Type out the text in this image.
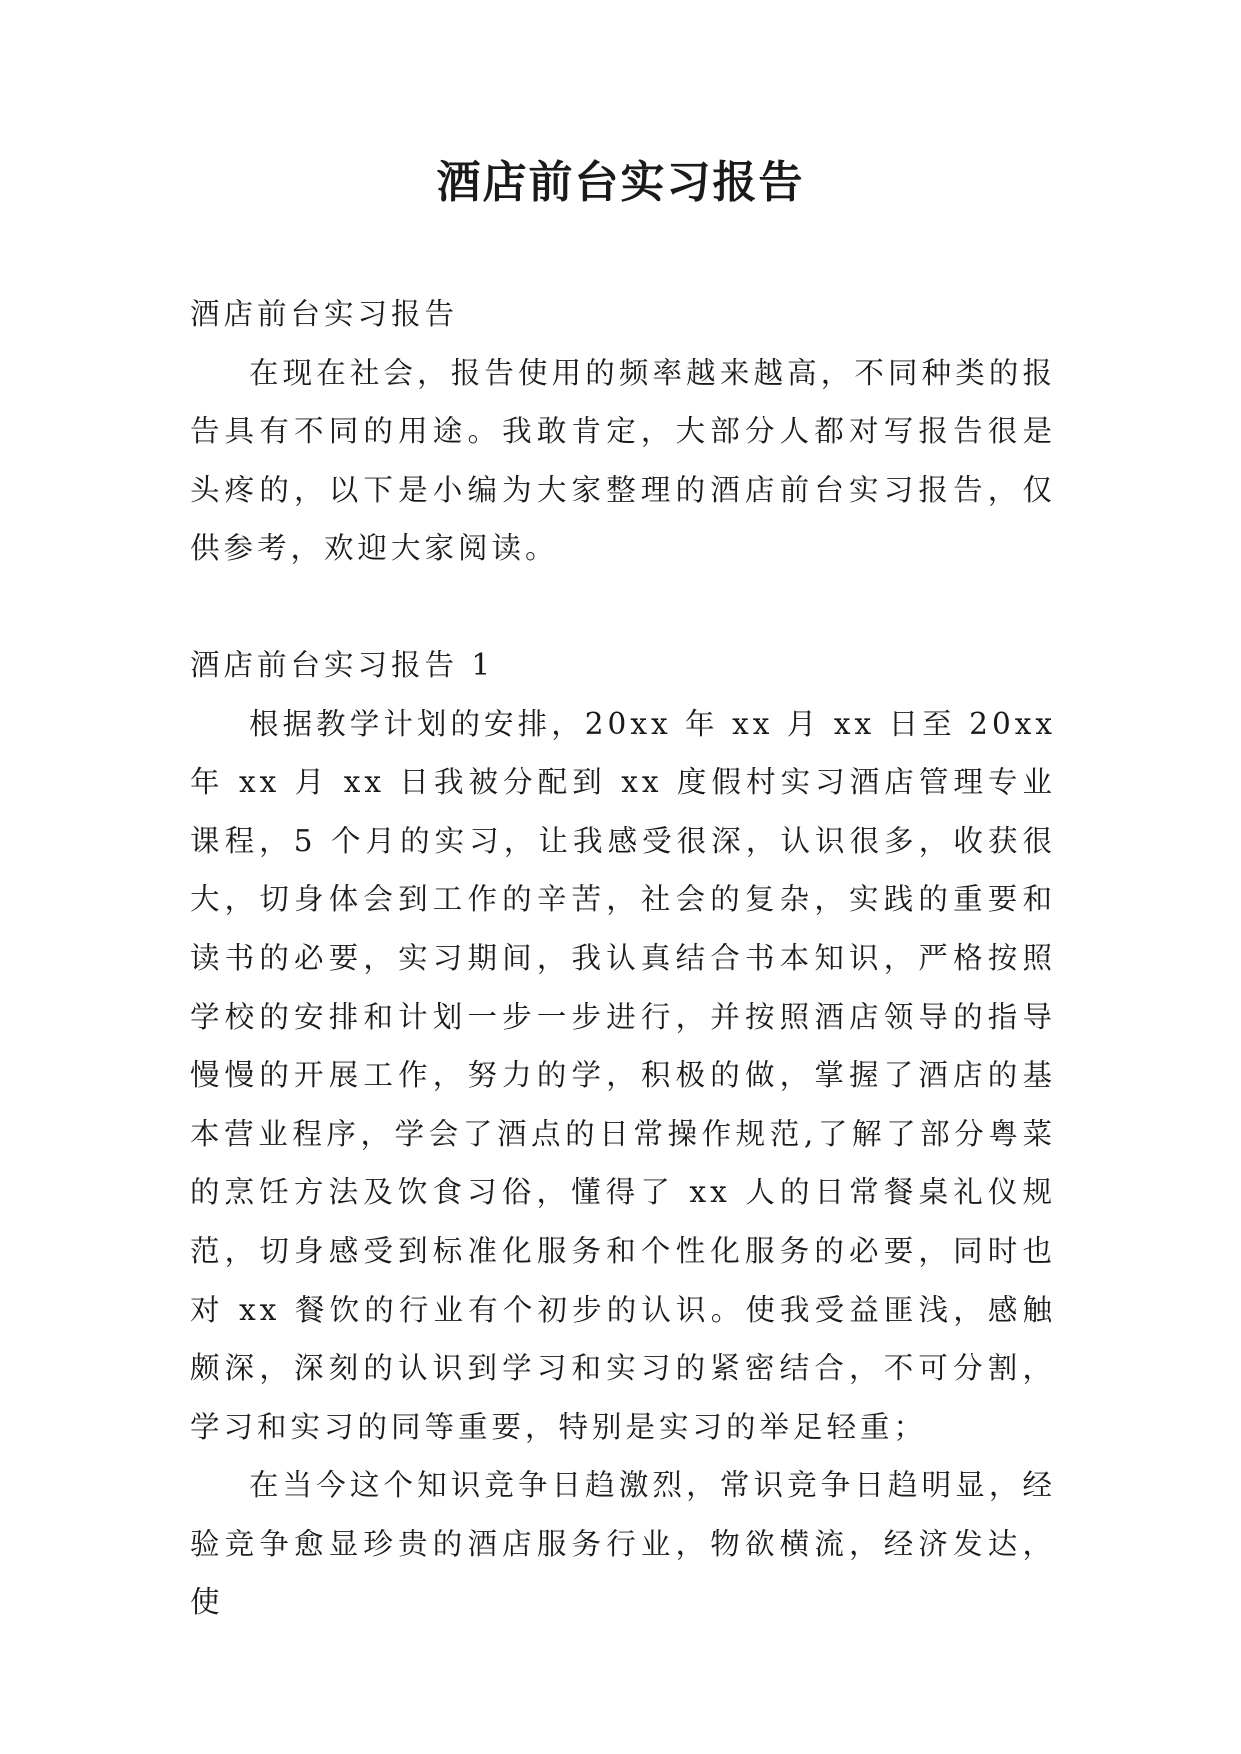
酒店前台实习报告

酒店前台实习报告

在现在社会，报告使用的频率越来越高，不同种类的报告具有不同的用途。我敢肯定，大部分人都对写报告很是头疼的，以下是小编为大家整理的酒店前台实习报告，仅供参考，欢迎大家阅读。

酒店前台实习报告 1

根据教学计划的安排，20xx 年 xx 月 xx 日至 20xx 年 xx 月 xx 日我被分配到 xx 度假村实习酒店管理专业课程，5 个月的实习，让我感受很深，认识很多，收获很大，切身体会到工作的辛苦，社会的复杂，实践的重要和读书的必要，实习期间，我认真结合书本知识，严格按照学校的安排和计划一步一步进行，并按照酒店领导的指导慢慢的开展工作，努力的学，积极的做，掌握了酒店的基本营业程序，学会了酒点的日常操作规范,了解了部分粤菜的烹饪方法及饮食习俗，懂得了 xx 人的日常餐桌礼仪规范，切身感受到标准化服务和个性化服务的必要，同时也对 xx 餐饮的行业有个初步的认识。使我受益匪浅，感触颇深，深刻的认识到学习和实习的紧密结合，不可分割，学习和实习的同等重要，特别是实习的举足轻重；

在当今这个知识竞争日趋激烈，常识竞争日趋明显，经验竞争愈显珍贵的酒店服务行业，物欲横流，经济发达，使
